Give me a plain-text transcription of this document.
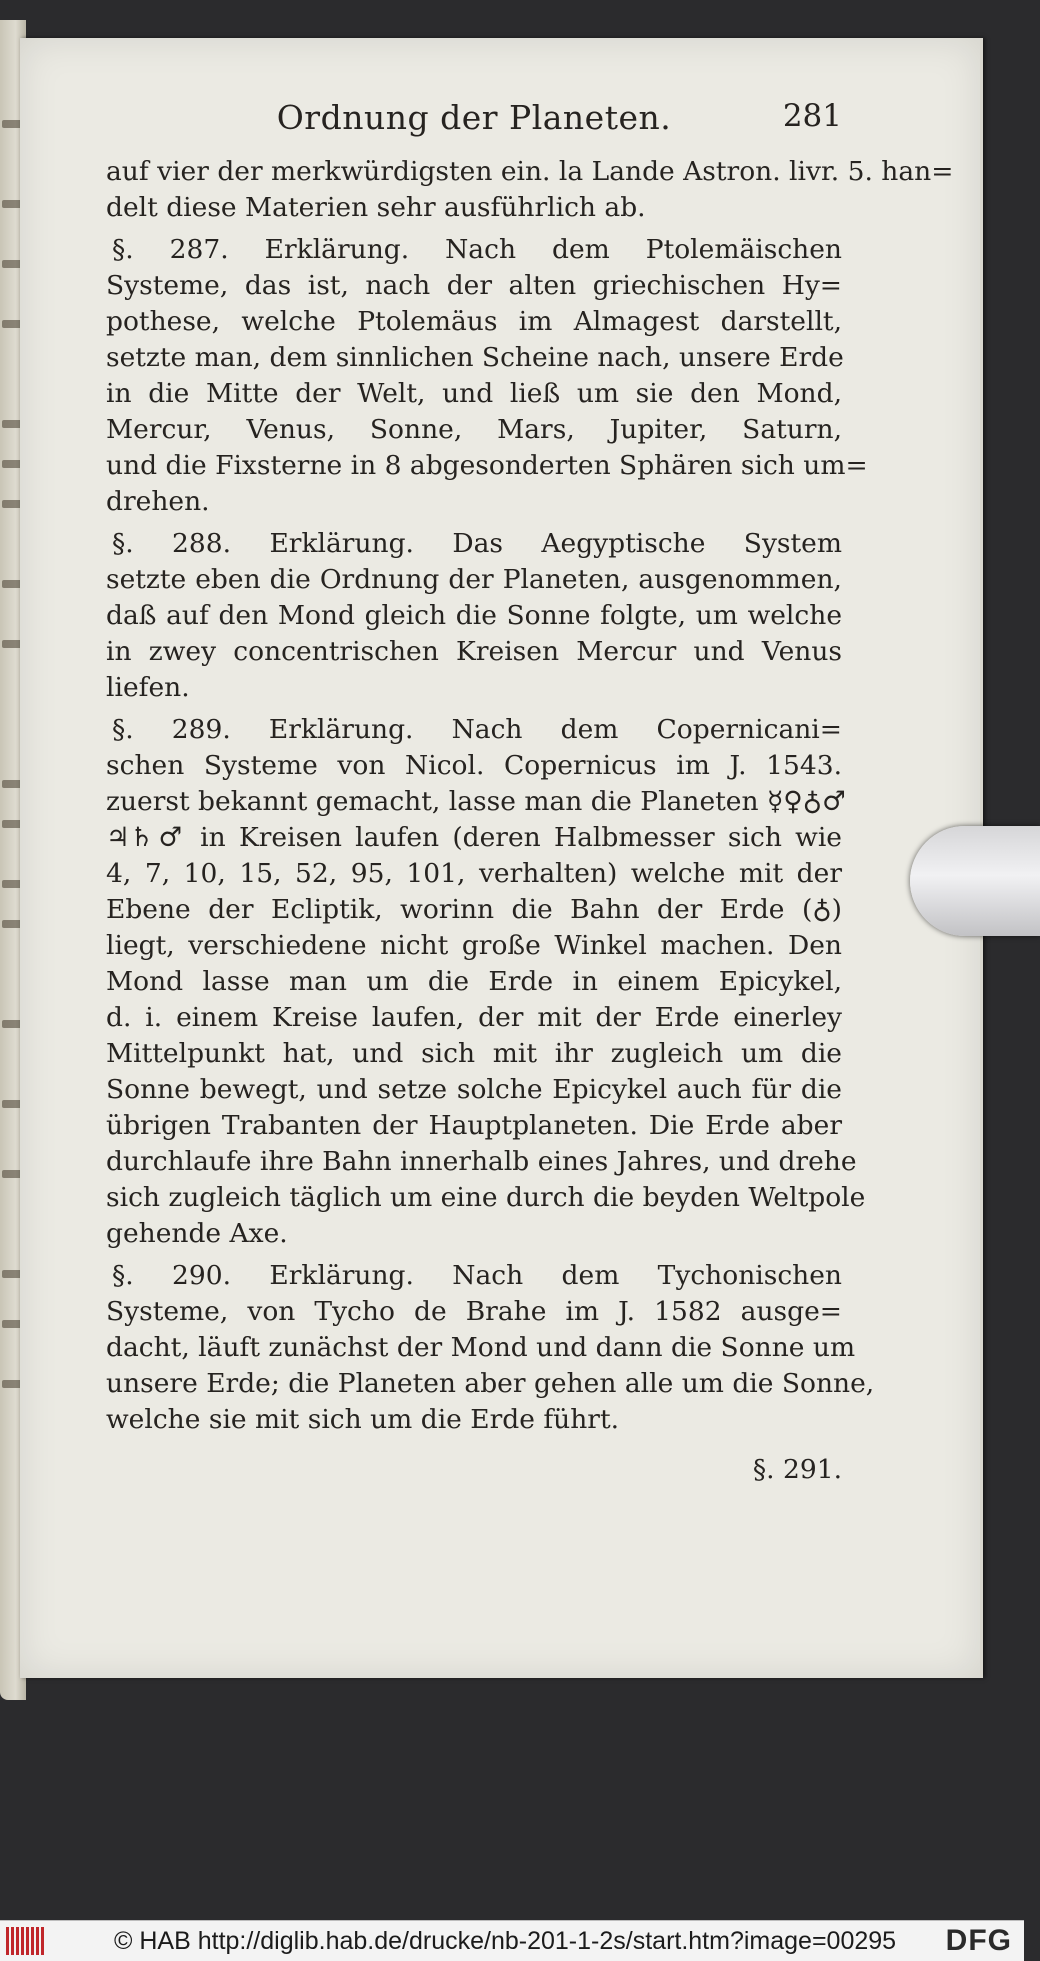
Ordnung der Planeten.	281
auf vier der merkwürdigsten ein. la Lande Astron. livr. 5. han=
delt diese Materien sehr ausführlich ab.
§. 287. Erklärung. Nach dem Ptolemäischen
Systeme, das ist, nach der alten griechischen Hy=
pothese, welche Ptolemäus im Almagest darstellt,
setzte man, dem sinnlichen Scheine nach, unsere Erde
in die Mitte der Welt, und ließ um sie den Mond,
Mercur, Venus, Sonne, Mars, Jupiter, Saturn,
und die Fixsterne in 8 abgesonderten Sphären sich um=
drehen.
§. 288. Erklärung. Das Aegyptische System
setzte eben die Ordnung der Planeten, ausgenommen,
daß auf den Mond gleich die Sonne folgte, um welche
in zwey concentrischen Kreisen Mercur und Venus
liefen.
§. 289. Erklärung. Nach dem Copernicani=
schen Systeme von Nicol. Copernicus im J. 1543.
zuerst bekannt gemacht, lasse man die Planeten ☿♀♁♂
♃♄♂ in Kreisen laufen (deren Halbmesser sich wie
4, 7, 10, 15, 52, 95, 101, verhalten) welche mit der
Ebene der Ecliptik, worinn die Bahn der Erde (♁)
liegt, verschiedene nicht große Winkel machen. Den
Mond lasse man um die Erde in einem Epicykel,
d. i. einem Kreise laufen, der mit der Erde einerley
Mittelpunkt hat, und sich mit ihr zugleich um die
Sonne bewegt, und setze solche Epicykel auch für die
übrigen Trabanten der Hauptplaneten. Die Erde aber
durchlaufe ihre Bahn innerhalb eines Jahres, und drehe
sich zugleich täglich um eine durch die beyden Weltpole
gehende Axe.
§. 290. Erklärung. Nach dem Tychonischen
Systeme, von Tycho de Brahe im J. 1582 ausge=
dacht, läuft zunächst der Mond und dann die Sonne um
unsere Erde; die Planeten aber gehen alle um die Sonne,
welche sie mit sich um die Erde führt.
§. 291.
© HAB http://diglib.hab.de/drucke/nb-201-1-2s/start.htm?image=00295 DFG
